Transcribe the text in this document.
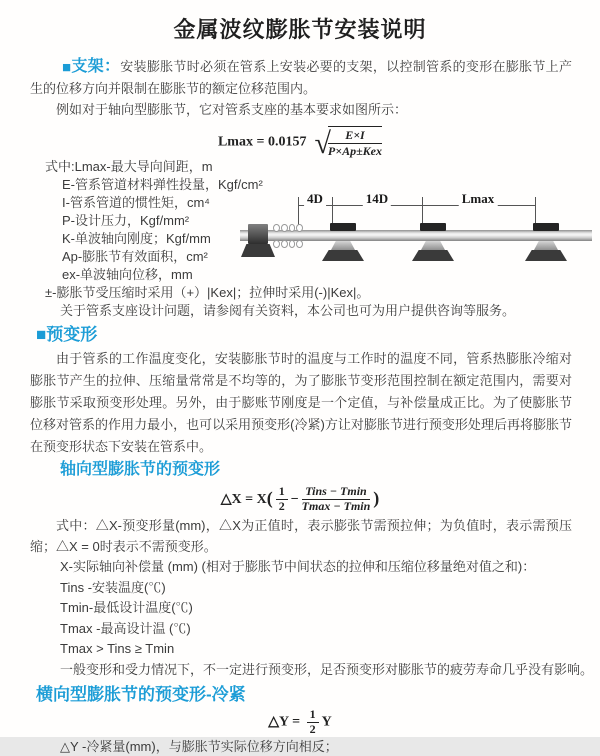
金属波纹膨胀节安装说明

■支架：安装膨胀节时必须在管系上安装必要的支架，以控制管系的变形在膨胀节上产生的位移方向并限制在膨胀节的额定位移范围内。

例如对于轴向型膨胀节，它对管系支座的基本要求如图所示：

Lmax = 0.0157 √	E×I
P×Ap±Kex
式中:Lmax-最大导向间距，m
E-管系管道材料弹性投量，Kgf/cm²
I-管系管道的惯性矩，cm⁴
P-设计压力，Kgf/mm²
K-单波轴向刚度；Kgf/mm
Ap-膨胀节有效面积，cm²
ex-单波轴向位移，mm
±-膨胀节受压缩时采用（+）|Kex|；拉伸时采用(-)|Kex|。
关于管系支座设计问题，请参阅有关资料，本公司也可为用户提供咨询等服务。
4D	14D	Lmax
■预变形

由于管系的工作温度变化，安装膨胀节时的温度与工作时的温度不同，管系热膨胀冷缩对膨胀节产生的拉伸、压缩量常常是不均等的，为了膨胀节变形范围控制在额定范围内，需要对膨胀节采取预变形处理。另外，由于膨账节刚度是一个定值，与补偿量成正比。为了使膨胀节位移对管系的作用力最小，也可以采用预变形(冷紧)方让对膨胀节进行预变形处理后再将膨胀节在预变形状态下安装在管系中。

轴向型膨胀节的预变形
△X = $X( \frac{1}{2} - \frac{\text{Tins − Tmin}}{Tmax - Tmin}$ )

式中：△X-预变形量(mm)，△X为正值时，表示膨张节需预拉伸；为负值时，表示需预压缩；△X = 0时表示不需预变形。

X-实际轴向补偿量 (mm) (相对于膨胀节中间状态的拉伸和压缩位移量绝对值之和)：
Tins -安装温度(℃)
Tmin-最低设计温度(℃)
Tmax -最高设计温 (℃)
Tmax > Tins ≥ Tmin
一般变形和受力情况下，不一定进行预变形，足否预变形对膨胀节的疲劳寿命几乎没有影响。
横向型膨胀节的预变形-冷紧
△Y = $\frac{1}{2}$ Y
△Y -冷紧量(mm)，与膨胀节实际位移方向相反；
